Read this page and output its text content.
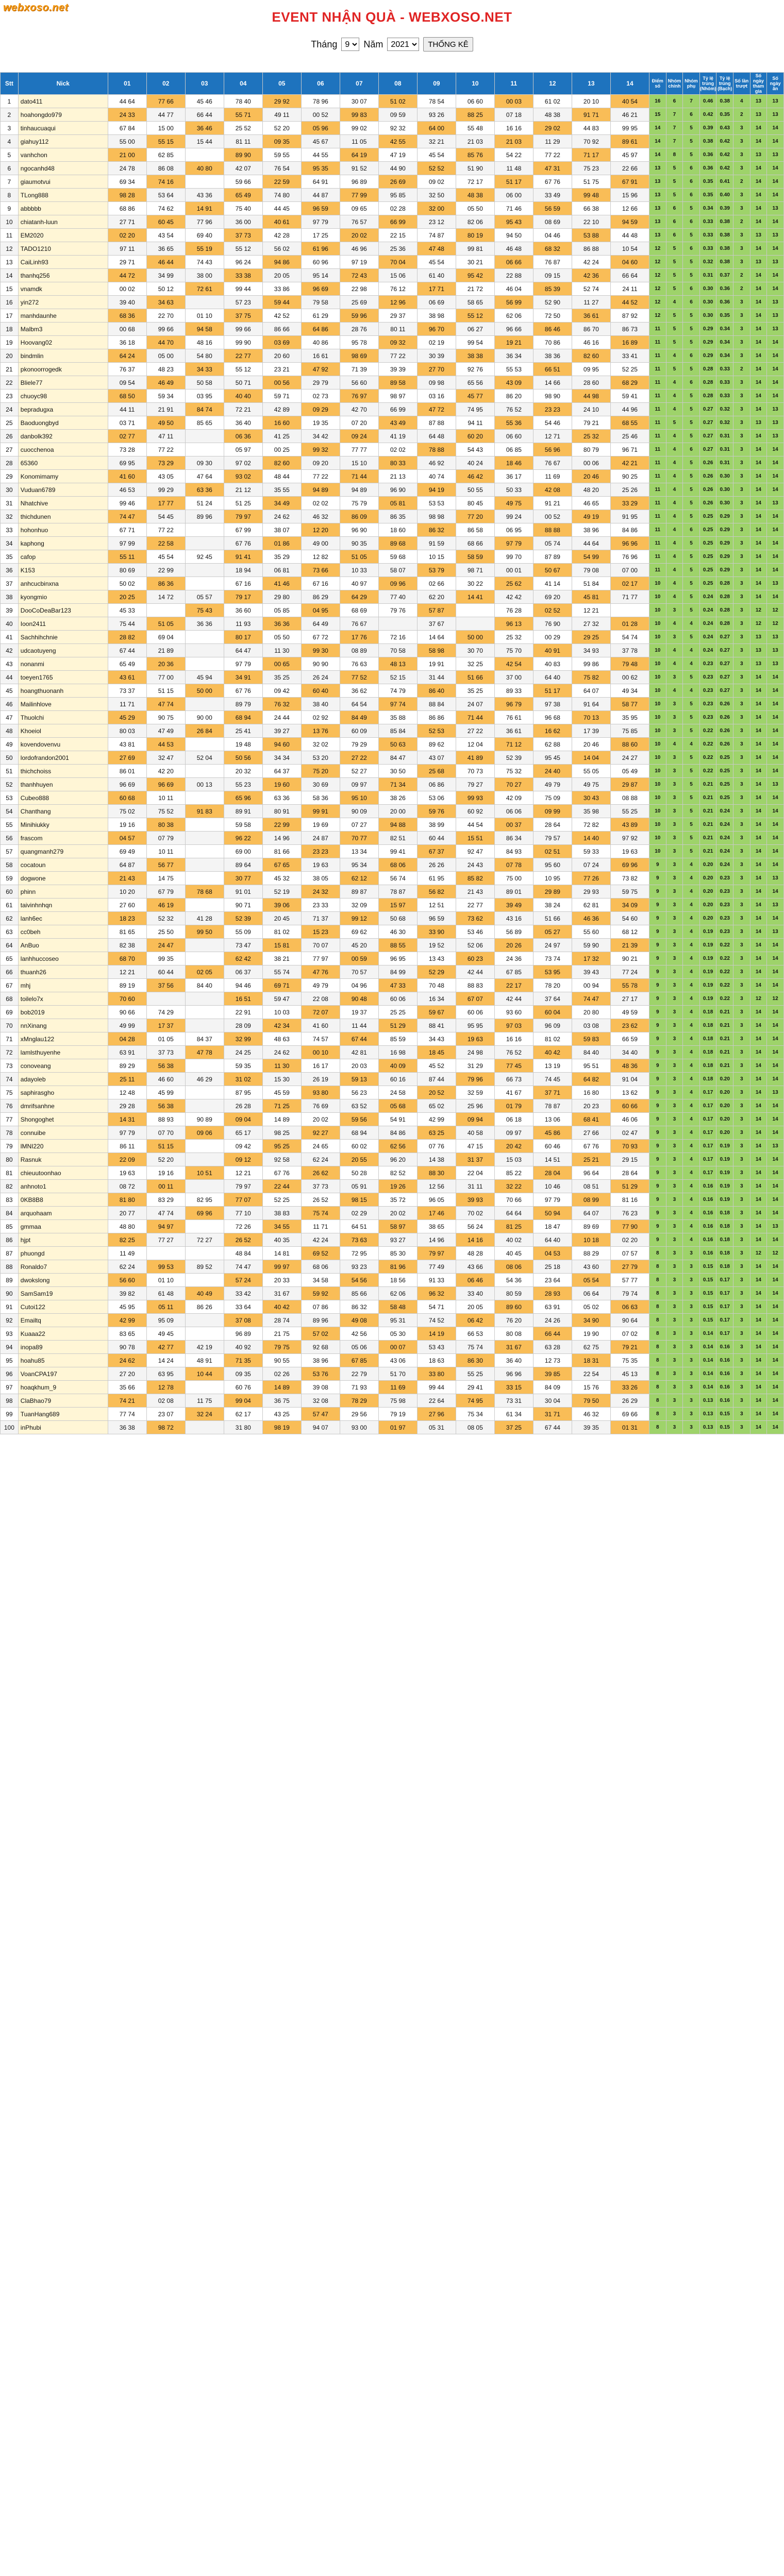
webxoso.net
EVENT NHẬN QUÀ - WEBXOSO.NET
Tháng
9	Năm
2021	THỐNG KÊ
Stt	Nick	01	02	03	04	05	06	07	08	09	10	11	12	13	14	Điểm số	Nhóm chính	Nhóm phụ	Tỷ lệ trúng (Nhóm)	Tỷ lệ trúng (Bạch)	Số lần trượt	Số ngày tham gia	Số ngày ăn
1	dato411	44 64	77 66	45 46	78 40	29 92	78 96	30 07	51 02	78 54	06 60	00 03	61 02	20 10	40 54	16	6	7	0.46	0.38	4	13	13
2	hoahongdo979	24 33	44 77	66 44	55 71	49 11	00 52	99 83	09 59	93 26	88 25	07 18	48 38	91 71	46 21	15	7	6	0.42	0.35	2	13	13
3	tinhaucuaqui	67 84	15 00	36 46	25 52	52 20	05 96	99 02	92 32	64 00	55 48	16 16	29 02	44 83	99 95	14	7	5	0.39	0.43	3	14	14
4	giahuy112	55 00	55 15	15 44	81 11	09 35	45 67	11 05	42 55	32 21	21 03	21 03	11 29	70 92	89 61	14	7	5	0.38	0.42	3	14	14
5	vanhchon	21 00	62 85		89 90	59 55	44 55	64 19	47 19	45 54	85 76	54 22	77 22	71 17	45 97	14	8	5	0.36	0.42	3	13	13
6	ngocanhd48	24 78	86 08	40 80	42 07	76 54	95 35	91 52	44 90	52 52	51 90	11 48	47 31	75 23	22 66	13	5	6	0.36	0.42	3	14	14
7	giaumotvui	69 34	74 16		59 66	22 59	64 91	96 89	26 69	09 02	72 17	51 17	67 76	51 75	67 91	13	5	6	0.35	0.41	2	14	14
8	TLong888	98 28	53 64	43 36	65 49	74 80	44 87	77 99	95 85	32 50	48 38	06 00	33 49	99 48	15 96	13	5	6	0.35	0.40	3	14	14
9	abbbbb	68 86	74 62	14 91	75 40	44 45	96 59	09 65	02 28	32 00	05 50	71 46	56 59	66 38	12 66	13	6	5	0.34	0.39	3	14	13
10	chiatanh-luun	27 71	60 45	77 96	36 00	40 61	97 79	76 57	66 99	23 12	82 06	95 43	08 69	22 10	94 59	13	6	6	0.33	0.38	2	14	14
11	EM2020	02 20	43 54	69 40	37 73	42 28	17 25	20 02	22 15	74 87	80 19	94 50	04 46	53 88	44 48	13	6	5	0.33	0.38	3	13	13
12	TADO1210	97 11	36 65	55 19	55 12	56 02	61 96	46 96	25 36	47 48	99 81	46 48	68 32	86 88	10 54	12	5	6	0.33	0.38	3	14	14
13	CaiLinh93	29 71	46 44	74 43	96 24	94 86	60 96	97 19	70 04	45 54	30 21	06 66	76 87	42 24	04 60	12	5	5	0.32	0.38	3	13	13
14	thanhq256	44 72	34 99	38 00	33 38	20 05	95 14	72 43	15 06	61 40	95 42	22 88	09 15	42 36	66 64	12	5	5	0.31	0.37	2	14	14
15	vnamdk	00 02	50 12	72 61	99 44	33 86	96 69	22 98	76 12	17 71	21 72	46 04	85 39	52 74	24 11	12	5	6	0.30	0.36	2	14	14
16	yin272	39 40	34 63		57 23	59 44	79 58	25 69	12 96	06 69	58 65	56 99	52 90	11 27	44 52	12	4	6	0.30	0.36	3	14	13
17	manhdaunhe	68 36	22 70	01 10	37 75	42 52	61 29	59 96	29 37	38 98	55 12	62 06	72 50	36 61	87 92	12	5	5	0.30	0.35	3	14	13
18	Malbm3	00 68	99 66	94 58	99 66	86 66	64 86	28 76	80 11	96 70	06 27	96 66	86 46	86 70	86 73	11	5	5	0.29	0.34	3	14	13
19	Hoovang02	36 18	44 70	48 16	99 90	03 69	40 86	95 78	09 32	02 19	99 54	19 21	70 86	46 16	16 89	11	5	5	0.29	0.34	3	14	14
20	bindmlin	64 24	05 00	54 80	22 77	20 60	16 61	98 69	77 22	30 39	38 38	36 34	38 36	82 60	33 41	11	4	6	0.29	0.34	3	14	14
21	pkonoorrogedk	76 37	48 23	34 33	55 12	23 21	47 92	71 39	39 39	27 70	92 76	55 53	66 51	09 95	52 25	11	5	5	0.28	0.33	2	14	14
22	Bliele77	09 54	46 49	50 58	50 71	00 56	29 79	56 60	89 58	09 98	65 56	43 09	14 66	28 60	68 29	11	4	6	0.28	0.33	3	14	14
23	chuoyc98	68 50	59 34	03 95	40 40	59 71	02 73	76 97	98 97	03 16	45 77	86 20	98 90	44 98	59 41	11	4	5	0.28	0.33	3	14	14
24	bepradugxa	44 11	21 91	84 74	72 21	42 89	09 29	42 70	66 99	47 72	74 95	76 52	23 23	24 10	44 96	11	4	5	0.27	0.32	3	14	13
25	Baoduongbyd	03 71	49 50	85 65	36 40	16 60	19 35	07 20	43 49	87 88	94 11	55 36	54 46	79 21	68 55	11	5	5	0.27	0.32	3	13	13
26	danbolk392	02 77	47 11		06 36	41 25	34 42	09 24	41 19	64 48	60 20	06 60	12 71	25 32	25 46	11	4	5	0.27	0.31	3	14	13
27	cuocchenoa	73 28	77 22		05 97	00 25	99 32	77 77	02 02	78 88	54 43	06 85	56 96	80 79	96 71	11	4	6	0.27	0.31	3	14	14
28	65360	69 95	73 29	09 30	97 02	82 60	09 20	15 10	80 33	46 92	40 24	18 46	76 67	00 06	42 21	11	4	5	0.26	0.31	3	14	14
29	Konomimamy	41 60	43 05	47 64	93 02	48 44	77 22	71 44	21 13	40 74	46 42	36 17	11 69	20 46	90 25	11	4	5	0.26	0.30	3	14	14
30	Vuduan6789	46 53	99 29	63 36	21 12	35 55	94 89	94 89	96 90	94 19	50 55	50 33	42 08	48 20	25 26	11	4	5	0.26	0.30	3	14	14
31	Nhatchive	99 46	17 77	51 24	51 25	34 49	02 02	75 79	05 81	53 53	80 45	49 75	91 21	46 65	33 29	11	4	5	0.26	0.30	3	14	13
32	thichdunen	74 47	54 45	89 96	79 97	24 62	46 32	86 09	86 35	98 98	77 20	99 24	00 52	49 19	91 95	11	4	5	0.25	0.29	3	14	14
33	hohonhuo	67 71	77 22		67 99	38 07	12 20	96 90	18 60	86 32	86 58	06 95	88 88	38 96	84 86	11	4	6	0.25	0.29	3	14	14
34	kaphong	97 99	22 58		67 76	01 86	49 00	90 35	89 68	91 59	68 66	97 79	05 74	44 64	96 96	11	4	5	0.25	0.29	3	14	14
35	cafop	55 11	45 54	92 45	91 41	35 29	12 82	51 05	59 68	10 15	58 59	99 70	87 89	54 99	76 96	11	4	5	0.25	0.29	3	14	14
36	K153	80 69	22 99		18 94	06 81	73 66	10 33	58 07	53 79	98 71	00 01	50 67	79 08	07 00	11	4	5	0.25	0.29	3	14	14
37	anhcucbinxna	50 02	86 36		67 16	41 46	67 16	40 97	09 96	02 66	30 22	25 62	41 14	51 84	02 17	10	4	5	0.25	0.28	3	14	13
38	kyongmio	20 25	14 72	05 57	79 17	29 80	86 29	64 29	77 40	62 20	14 41	42 42	69 20	45 81	71 77	10	4	5	0.24	0.28	3	14	14
39	DooCoDeaBar123	45 33		75 43	36 60	05 85	04 95	68 69	79 76	57 87		76 28	02 52	12 21		10	3	5	0.24	0.28	3	12	12
40	Ioon2411	75 44	51 05	36 36	11 93	36 36	64 49	76 67		37 67		96 13	76 90	27 32	01 28	10	4	4	0.24	0.28	3	12	12
41	Sachhihchnie	28 82	69 04		80 17	05 50	67 72	17 76	72 16	14 64	50 00	25 32	00 29	29 25	54 74	10	3	5	0.24	0.27	3	13	13
42	udcaotuyeng	67 44	21 89		64 47	11 30	99 30	08 89	70 58	58 98	30 70	75 70	40 91	34 93	37 78	10	4	4	0.24	0.27	3	13	13
43	nonanmi	65 49	20 36		97 79	00 65	90 90	76 63	48 13	19 91	32 25	42 54	40 83	99 86	79 48	10	4	4	0.23	0.27	3	13	13
44	toeyen1765	43 61	77 00	45 94	34 91	35 25	26 24	77 52	52 15	31 44	51 66	37 00	64 40	75 82	00 62	10	3	5	0.23	0.27	3	14	14
45	hoangthuonanh	73 37	51 15	50 00	67 76	09 42	60 40	36 62	74 79	86 40	35 25	89 33	51 17	64 07	49 34	10	4	4	0.23	0.27	3	14	14
46	Mailinhlove	11 71	47 74		89 79	76 32	38 40	64 54	97 74	88 84	24 07	96 79	97 38	91 64	58 77	10	3	5	0.23	0.26	3	14	14
47	Thuolchi	45 29	90 75	90 00	68 94	24 44	02 92	84 49	35 88	86 86	71 44	76 61	96 68	70 13	35 95	10	3	5	0.23	0.26	3	14	14
48	Khoeiol	80 03	47 49	26 84	25 41	39 27	13 76	60 09	85 84	52 53	27 22	36 61	16 62	17 39	75 85	10	3	5	0.22	0.26	3	14	14
49	kovendovenvu	43 81	44 53		19 48	94 60	32 02	79 29	50 63	89 62	12 04	71 12	62 88	20 46	88 60	10	4	4	0.22	0.26	3	14	14
50	lordofrandon2001	27 69	32 47	52 04	50 56	34 34	53 20	27 22	84 47	43 07	41 89	52 39	95 45	14 04	24 27	10	3	5	0.22	0.25	3	14	14
51	thichchoiss	86 01	42 20		20 32	64 37	75 20	52 27	30 50	25 68	70 73	75 32	24 40	55 05	05 49	10	3	5	0.22	0.25	3	14	14
52	thanhhuyen	96 69	96 69	00 13	55 23	19 60	30 69	09 97	71 34	06 86	79 27	70 27	49 79	49 75	29 87	10	3	5	0.21	0.25	3	14	13
53	Cubeo888	60 68	10 11		65 96	63 36	58 36	95 10	38 26	53 06	99 93	42 09	75 09	30 43	08 88	10	3	5	0.21	0.25	3	14	14
54	Chanthang	75 02	75 52	91 83	89 91	80 91	99 91	90 09	20 00	59 76	60 92	06 06	09 99	35 98	55 25	10	3	5	0.21	0.24	3	14	14
55	Minihiukky	19 16	80 38		59 58	22 99	19 69	07 27	94 88	38 99	44 54	00 37	28 64	72 82	43 89	10	3	5	0.21	0.24	3	14	14
56	frascom	04 57	07 79		96 22	14 96	24 87	70 77	82 51	60 44	15 51	86 34	79 57	14 40	97 92	10	3	5	0.21	0.24	3	14	14
57	quangmanh279	69 49	10 11		69 00	81 66	23 23	13 34	99 41	67 37	92 47	84 93	02 51	59 33	19 63	10	3	5	0.21	0.24	3	14	14
58	cocatoun	64 87	56 77		89 64	67 65	19 63	95 34	68 06	26 26	24 43	07 78	95 60	07 24	69 96	9	3	4	0.20	0.24	3	14	14
59	dogwone	21 43	14 75		30 77	45 32	38 05	62 12	56 74	61 95	85 82	75 00	10 95	77 26	73 82	9	3	4	0.20	0.23	3	14	13
60	phinn	10 20	67 79	78 68	91 01	52 19	24 32	89 87	78 87	56 82	21 43	89 01	29 89	29 93	59 75	9	3	4	0.20	0.23	3	14	14
61	taivinhnhqn	27 60	46 19		90 71	39 06	23 33	32 09	15 97	12 51	22 77	39 49	38 24	62 81	34 09	9	3	4	0.20	0.23	3	14	13
62	lanh6ec	18 23	52 32	41 28	52 39	20 45	71 37	99 12	50 68	96 59	73 62	43 16	51 66	46 36	54 60	9	3	4	0.20	0.23	3	14	14
63	cc0beh	81 65	25 50	99 50	55 09	81 02	15 23	69 62	46 30	33 90	53 46	56 89	05 27	55 60	68 12	9	3	4	0.19	0.23	3	14	13
64	AnBuo	82 38	24 47		73 47	15 81	70 07	45 20	88 55	19 52	52 06	20 26	24 97	59 90	21 39	9	3	4	0.19	0.22	3	14	14
65	lanhhuccoseo	68 70	99 35		62 42	38 21	77 97	00 59	96 95	13 43	60 23	24 36	73 74	17 32	90 21	9	3	4	0.19	0.22	3	14	14
66	thuanh26	12 21	60 44	02 05	06 37	55 74	47 76	70 57	84 99	52 29	42 44	67 85	53 95	39 43	77 24	9	3	4	0.19	0.22	3	14	14
67	mhj	89 19	37 56	84 40	94 46	69 71	49 79	04 96	47 33	70 48	88 83	22 17	78 20	00 94	55 78	9	3	4	0.19	0.22	3	14	14
68	toilelo7x	70 60			16 51	59 47	22 08	90 48	60 06	16 34	67 07	42 44	37 64	74 47	27 17	9	3	4	0.19	0.22	3	12	12
69	bob2019	90 66	74 29		22 91	10 03	72 07	19 37	25 25	59 67	60 06	93 60	60 04	20 80	49 59	9	3	4	0.18	0.21	3	14	14
70	nnXinang	49 99	17 37		28 09	42 34	41 60	11 44	51 29	88 41	95 95	97 03	96 09	03 08	23 62	9	3	4	0.18	0.21	3	14	14
71	xMnglau122	04 28	01 05	84 37	32 99	48 63	74 57	67 44	85 59	34 43	19 63	16 16	81 02	59 83	66 59	9	3	4	0.18	0.21	3	14	14
72	lamlsthuyenhe	63 91	37 73	47 78	24 25	24 62	00 10	42 81	16 98	18 45	24 98	76 52	40 42	84 40	34 40	9	3	4	0.18	0.21	3	14	14
73	conoveang	89 29	56 38		59 35	11 30	16 17	20 03	40 09	45 52	31 29	77 45	13 19	95 51	48 36	9	3	4	0.18	0.21	3	14	14
74	adayoleb	25 11	46 60	46 29	31 02	15 30	26 19	59 13	60 16	87 44	79 96	66 73	74 45	64 82	91 04	9	3	4	0.18	0.20	3	14	14
75	saphirasgho	12 48	45 99		87 95	45 59	93 80	56 23	24 58	20 52	32 59	41 67	37 71	16 80	13 62	9	3	4	0.17	0.20	3	14	13
76	dmrifsanhne	29 28	56 38		26 28	71 25	76 69	63 52	05 68	65 02	25 96	01 79	78 87	20 23	60 66	9	3	4	0.17	0.20	3	14	14
77	Shongoghet	14 31	88 93	90 89	09 04	14 89	20 02	59 56	54 91	42 99	09 94	06 18	13 06	68 41	46 06	9	3	4	0.17	0.20	3	14	14
78	connuibe	97 79	07 70	09 06	65 17	98 25	92 27	68 94	84 86	63 25	40 58	09 97	45 86	27 66	02 47	9	3	4	0.17	0.20	3	14	14
79	lMNI220	86 11	51 15		09 42	95 25	24 65	60 02	62 56	07 76	47 15	20 42	60 46	67 76	70 93	9	3	4	0.17	0.19	3	14	13
80	Rasnuk	22 09	52 20		09 12	92 58	62 24	20 55	96 20	14 38	31 37	15 03	14 51	25 21	29 15	9	3	4	0.17	0.19	3	14	14
81	chieuutoonhao	19 63	19 16	10 51	12 21	67 76	26 62	50 28	82 52	88 30	22 04	85 22	28 04	96 64	28 64	9	3	4	0.17	0.19	3	14	14
82	anhnoto1	08 72	00 11		79 97	22 44	37 73	05 91	19 26	12 56	31 11	32 22	10 46	08 51	51 29	9	3	4	0.16	0.19	3	14	14
83	0KB8B8	81 80	83 29	82 95	77 07	52 25	26 52	98 15	35 72	96 05	39 93	70 66	97 79	08 99	81 16	9	3	4	0.16	0.19	3	14	14
84	arquohaam	20 77	47 74	69 96	77 10	38 83	75 74	02 29	20 02	17 46	70 02	64 64	50 94	64 07	76 23	9	3	4	0.16	0.18	3	14	14
85	gmmaa	48 80	94 97		72 26	34 55	11 71	64 51	58 97	38 65	56 24	81 25	18 47	89 69	77 90	9	3	4	0.16	0.18	3	14	13
86	hjpt	82 25	77 27	72 27	26 52	40 35	42 24	73 63	93 27	14 96	14 16	40 02	64 40	10 18	02 20	9	3	4	0.16	0.18	3	14	14
87	phuongd	11 49			48 84	14 81	69 52	72 95	85 30	79 97	48 28	40 45	04 53	88 29	07 57	8	3	3	0.16	0.18	3	12	12
88	Ronaldo7	62 24	99 53	89 52	74 47	99 97	68 06	93 23	81 96	77 49	43 66	08 06	25 18	43 60	27 79	8	3	3	0.15	0.18	3	14	14
89	dwokslong	56 60	01 10		57 24	20 33	34 58	54 56	18 56	91 33	06 46	54 36	23 64	05 54	57 77	8	3	3	0.15	0.17	3	14	14
90	SamSam19	39 82	61 48	40 49	33 42	31 67	59 92	85 66	62 06	96 32	33 40	80 59	28 93	06 64	79 74	8	3	3	0.15	0.17	3	14	14
91	Cutoi122	45 95	05 11	86 26	33 64	40 42	07 86	86 32	58 48	54 71	20 05	89 60	63 91	05 02	06 63	8	3	3	0.15	0.17	3	14	14
92	Emailtq	42 99	95 09		37 08	28 74	89 96	49 08	95 31	74 52	06 42	76 20	24 26	34 90	90 64	8	3	3	0.15	0.17	3	14	14
93	Kuaaa22	83 65	49 45		96 89	21 75	57 02	42 56	05 30	14 19	66 53	80 08	66 44	19 90	07 02	8	3	3	0.14	0.17	3	14	14
94	inopa89	90 78	42 77	42 19	40 92	79 75	92 68	05 06	00 07	53 43	75 74	31 67	63 28	62 75	79 21	8	3	3	0.14	0.16	3	14	14
95	hoahu85	24 62	14 24	48 91	71 35	90 55	38 96	67 85	43 06	18 63	86 30	36 40	12 73	18 31	75 35	8	3	3	0.14	0.16	3	14	14
96	VoanCPA197	27 20	63 95	10 44	09 35	02 26	53 76	22 79	51 70	33 80	55 25	96 96	39 85	22 54	45 13	8	3	3	0.14	0.16	3	14	14
97	hoaqkhum_9	35 66	12 78		60 76	14 89	39 08	71 93	11 69	99 44	29 41	33 15	84 09	15 76	33 26	8	3	3	0.14	0.16	3	14	14
98	ClaBhao79	74 21	02 08	11 75	99 04	36 75	32 08	78 29	75 98	22 64	74 95	73 31	30 04	79 50	26 29	8	3	3	0.13	0.16	3	14	14
99	TuanHang689	77 74	23 07	32 24	62 17	43 25	57 47	29 56	79 19	27 96	75 34	61 34	31 71	46 32	69 66	8	3	3	0.13	0.15	3	14	14
100	inPhubi	36 38	98 72		31 80	98 19	94 07	93 00	01 97	05 31	08 05	37 25	67 44	39 35	01 31	8	3	3	0.13	0.15	3	14	14
